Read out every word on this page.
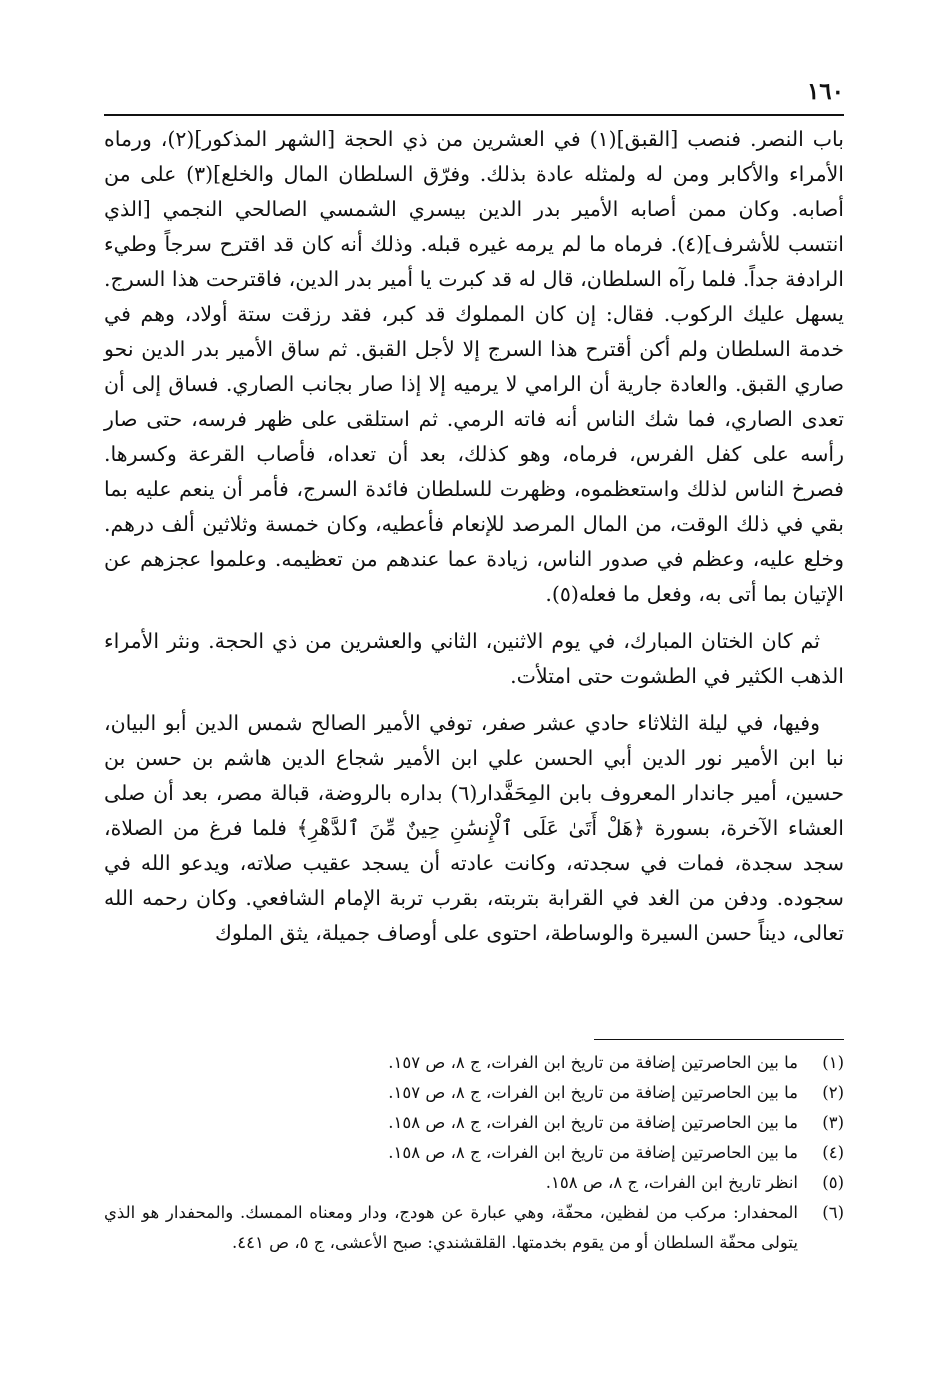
١٦٠

باب النصر. فنصب [القبق](١) في العشرين من ذي الحجة [الشهر المذكور](٢)، ورماه الأمراء والأكابر ومن له ولمثله عادة بذلك. وفرّق السلطان المال والخلع](٣) على من أصابه. وكان ممن أصابه الأمير بدر الدين بيسري الشمسي الصالحي النجمي [الذي انتسب للأشرف](٤). فرماه ما لم يرمه غيره قبله. وذلك أنه كان قد اقترح سرجاً وطيء الرادفة جداً. فلما رآه السلطان، قال له قد كبرت يا أمير بدر الدين، فاقترحت هذا السرج. يسهل عليك الركوب. فقال: إن كان المملوك قد كبر، فقد رزقت ستة أولاد، وهم في خدمة السلطان ولم أكن أقترح هذا السرج إلا لأجل القبق. ثم ساق الأمير بدر الدين نحو صاري القبق. والعادة جارية أن الرامي لا يرميه إلا إذا صار بجانب الصاري. فساق إلى أن تعدى الصاري، فما شك الناس أنه فاته الرمي. ثم استلقى على ظهر فرسه، حتى صار رأسه على كفل الفرس، فرماه، وهو كذلك، بعد أن تعداه، فأصاب القرعة وكسرها. فصرخ الناس لذلك واستعظموه، وظهرت للسلطان فائدة السرج، فأمر أن ينعم عليه بما بقي في ذلك الوقت، من المال المرصد للإنعام فأعطيه، وكان خمسة وثلاثين ألف درهم. وخلع عليه، وعظم في صدور الناس، زيادة عما عندهم من تعظيمه. وعلموا عجزهم عن الإتيان بما أتى به، وفعل ما فعله(٥).

ثم كان الختان المبارك، في يوم الاثنين، الثاني والعشرين من ذي الحجة. ونثر الأمراء الذهب الكثير في الطشوت حتى امتلأت.

وفيها، في ليلة الثلاثاء حادي عشر صفر، توفي الأمير الصالح شمس الدين أبو البيان، نبا ابن الأمير نور الدين أبي الحسن علي ابن الأمير شجاع الدين هاشم بن حسن بن حسين، أمير جاندار المعروف بابن المِحَفَّدار(٦) بداره بالروضة، قبالة مصر، بعد أن صلى العشاء الآخرة، بسورة ﴿هَلْ أَتَىٰ عَلَى ٱلْإِنسَٰنِ حِينٌ مِّنَ ٱلدَّهْرِ﴾ فلما فرغ من الصلاة، سجد سجدة، فمات في سجدته، وكانت عادته أن يسجد عقيب صلاته، ويدعو الله في سجوده. ودفن من الغد في القرابة بتربته، بقرب تربة الإمام الشافعي. وكان رحمه الله تعالى، ديناً حسن السيرة والوساطة، احتوى على أوصاف جميلة، يثق الملوك

(١)
ما بين الحاصرتين إضافة من تاريخ ابن الفرات، ج ٨، ص ١٥٧.
(٢)
ما بين الحاصرتين إضافة من تاريخ ابن الفرات، ج ٨، ص ١٥٧.
(٣)
ما بين الحاصرتين إضافة من تاريخ ابن الفرات، ج ٨، ص ١٥٨.
(٤)
ما بين الحاصرتين إضافة من تاريخ ابن الفرات، ج ٨، ص ١٥٨.
(٥)
انظر تاريخ ابن الفرات، ج ٨، ص ١٥٨.
(٦)
المحفدار: مركب من لفظين، محفّة، وهي عبارة عن هودج، ودار ومعناه الممسك. والمحفدار هو الذي يتولى محفّة السلطان أو من يقوم بخدمتها. القلقشندي: صبح الأعشى، ج ٥، ص ٤٤١.
